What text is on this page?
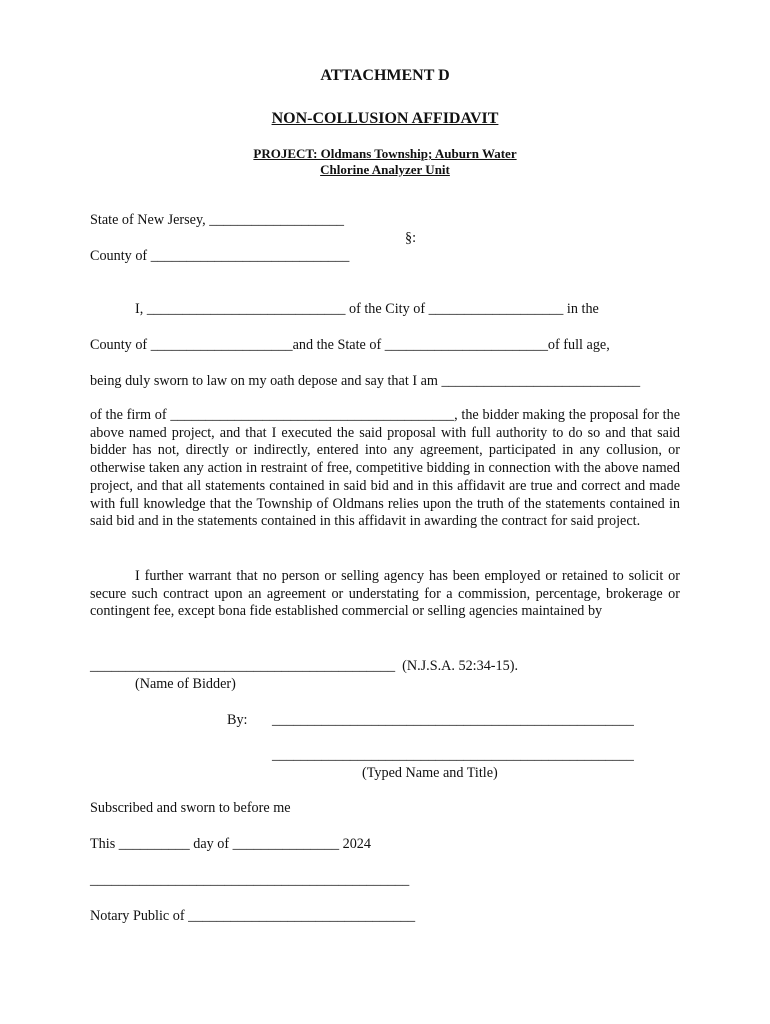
ATTACHMENT D
NON-COLLUSION AFFIDAVIT
PROJECT: Oldmans Township; Auburn Water
Chlorine Analyzer Unit
State of New Jersey, ___________________
§:
County of ____________________________
I, ____________________________ of the City of ___________________ in the
County of ____________________and the State of _______________________of full age,
being duly sworn to law on my oath depose and say that I am ____________________________
of the firm of ________________________________________, the bidder making the proposal for the above named project, and that I executed the said proposal with full authority to do so and that said bidder has not, directly or indirectly, entered into any agreement, participated in any collusion, or otherwise taken any action in restraint of free, competitive bidding in connection with the above named project, and that all statements contained in said bid and in this affidavit are true and correct and made with full knowledge that the Township of Oldmans relies upon the truth of the statements contained in said bid and in the statements contained in this affidavit in awarding the contract for said project.
I further warrant that no person or selling agency has been employed or retained to solicit or secure such contract upon an agreement or understating for a commission, percentage, brokerage or contingent fee, except bona fide established commercial or selling agencies maintained by
___________________________________________  (N.J.S.A. 52:34-15).
(Name of Bidder)
By: ___________________________________________________
___________________________________________________
(Typed Name and Title)
Subscribed and sworn to before me
This __________ day of _______________ 2024
_____________________________________________
Notary Public of ________________________________
